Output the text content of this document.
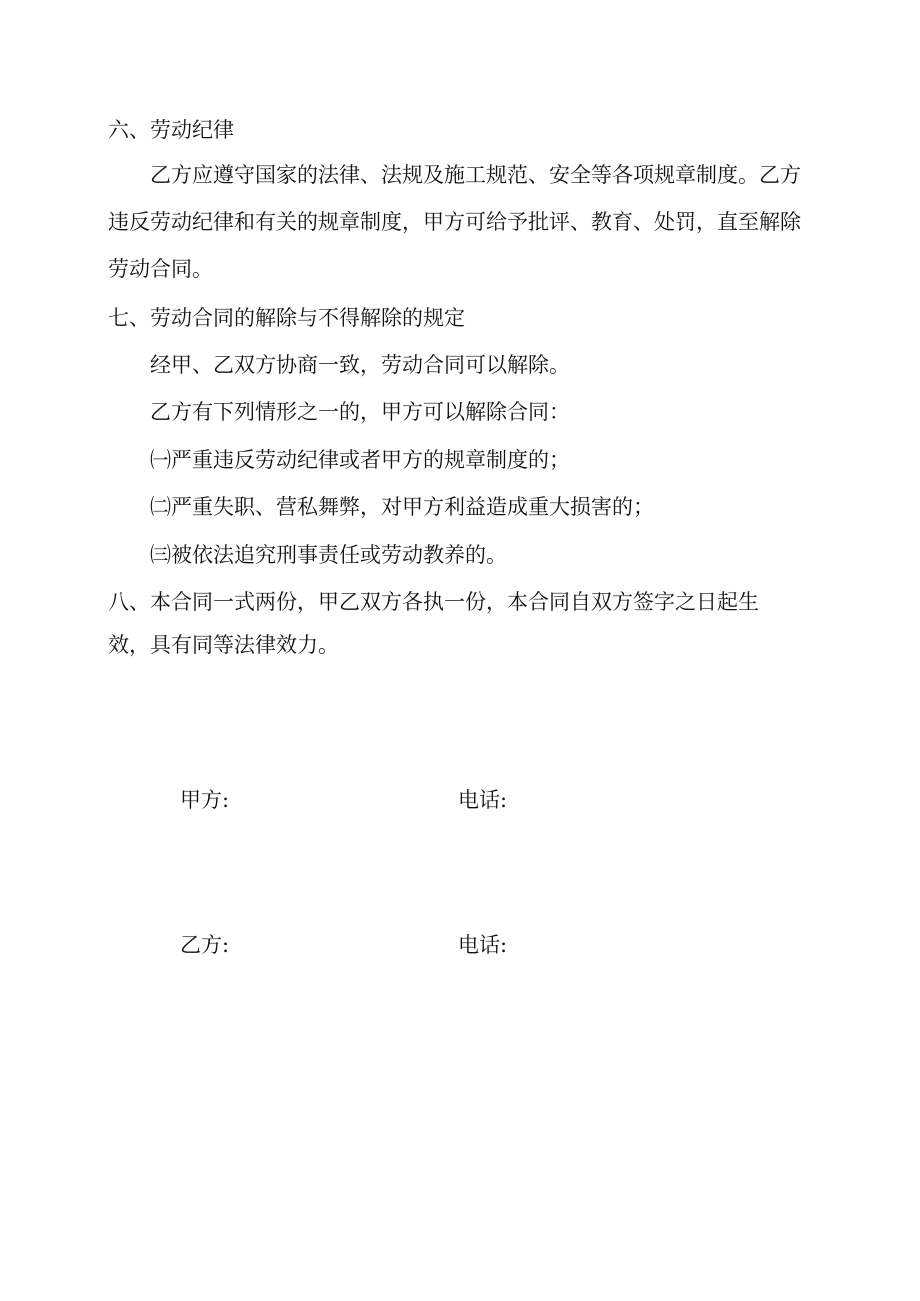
六、劳动纪律
乙方应遵守国家的法律、法规及施工规范、安全等各项规章制度。乙方违反劳动纪律和有关的规章制度，甲方可给予批评、教育、处罚，直至解除劳动合同。
七、劳动合同的解除与不得解除的规定
经甲、乙双方协商一致，劳动合同可以解除。
乙方有下列情形之一的，甲方可以解除合同：
㈠严重违反劳动纪律或者甲方的规章制度的；
㈡严重失职、营私舞弊，对甲方利益造成重大损害的；
㈢被依法追究刑事责任或劳动教养的。
八、本合同一式两份，甲乙双方各执一份，本合同自双方签字之日起生
效，具有同等法律效力。
甲方:	电话:
乙方:	电话:
